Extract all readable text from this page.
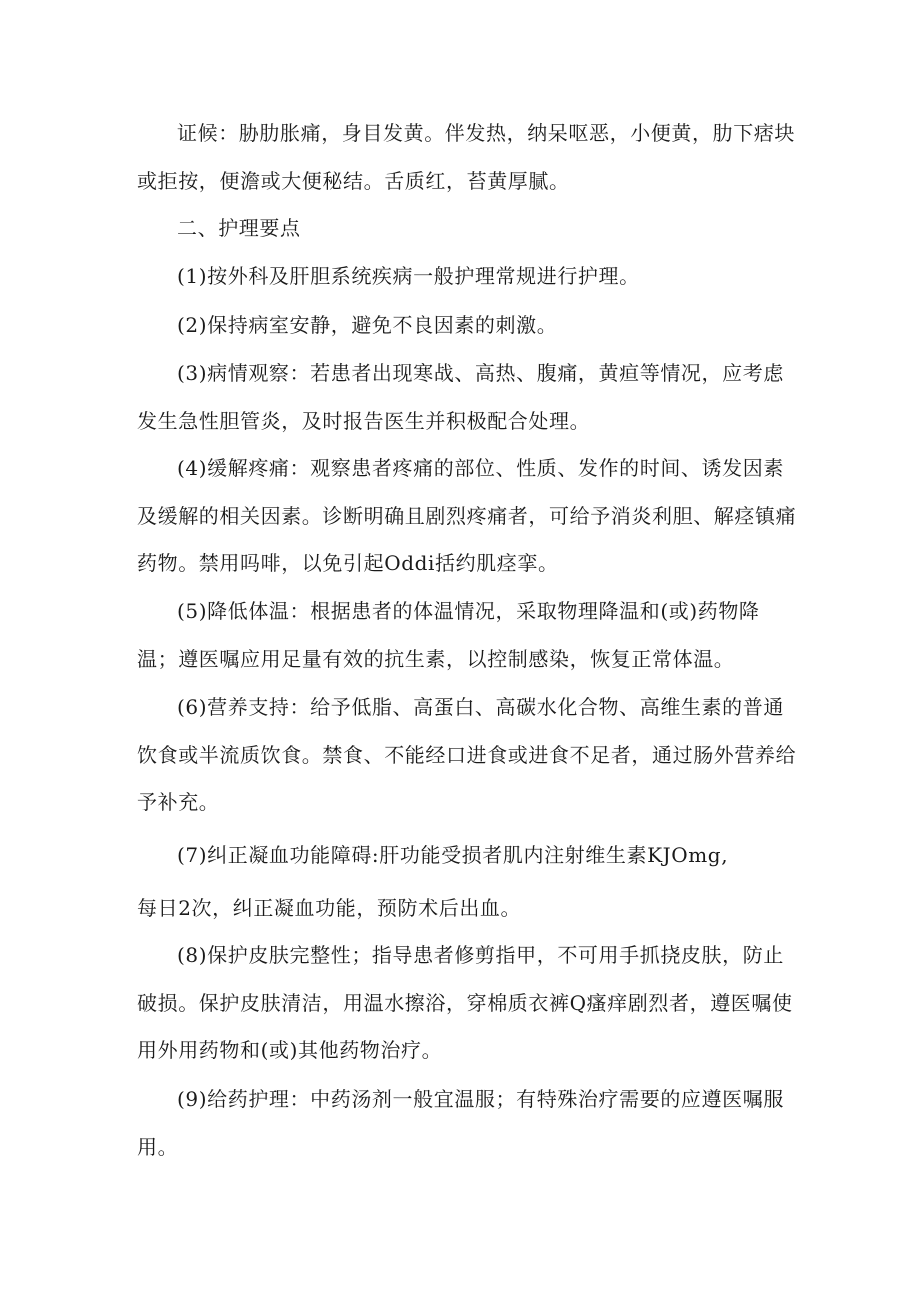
证候：胁肋胀痛，身目发黄。伴发热，纳呆呕恶，小便黄，肋下痞块或拒按，便澹或大便秘结。舌质红，苔黄厚腻。

二、护理要点

(1)按外科及肝胆系统疾病一般护理常规进行护理。

(2)保持病室安静，避免不良因素的刺激。

(3)病情观察：若患者出现寒战、高热、腹痛，黄疸等情况，应考虑发生急性胆管炎，及时报告医生并积极配合处理。

(4)缓解疼痛：观察患者疼痛的部位、性质、发作的时间、诱发因素及缓解的相关因素。诊断明确且剧烈疼痛者，可给予消炎利胆、解痉镇痛药物。禁用吗啡，以免引起Oddi括约肌痉挛。

(5)降低体温：根据患者的体温情况，采取物理降温和(或)药物降温；遵医嘱应用足量有效的抗生素，以控制感染，恢复正常体温。

(6)营养支持：给予低脂、高蛋白、高碳水化合物、高维生素的普通饮食或半流质饮食。禁食、不能经口进食或进食不足者，通过肠外营养给予补充。

(7)纠正凝血功能障碍:肝功能受损者肌内注射维生素KJOmg,

每日2次，纠正凝血功能，预防术后出血。

(8)保护皮肤完整性；指导患者修剪指甲，不可用手抓挠皮肤，防止破损。保护皮肤清洁，用温水擦浴，穿棉质衣裤Q瘙痒剧烈者，遵医嘱使用外用药物和(或)其他药物治疗。

(9)给药护理：中药汤剂一般宜温服；有特殊治疗需要的应遵医嘱服用。
